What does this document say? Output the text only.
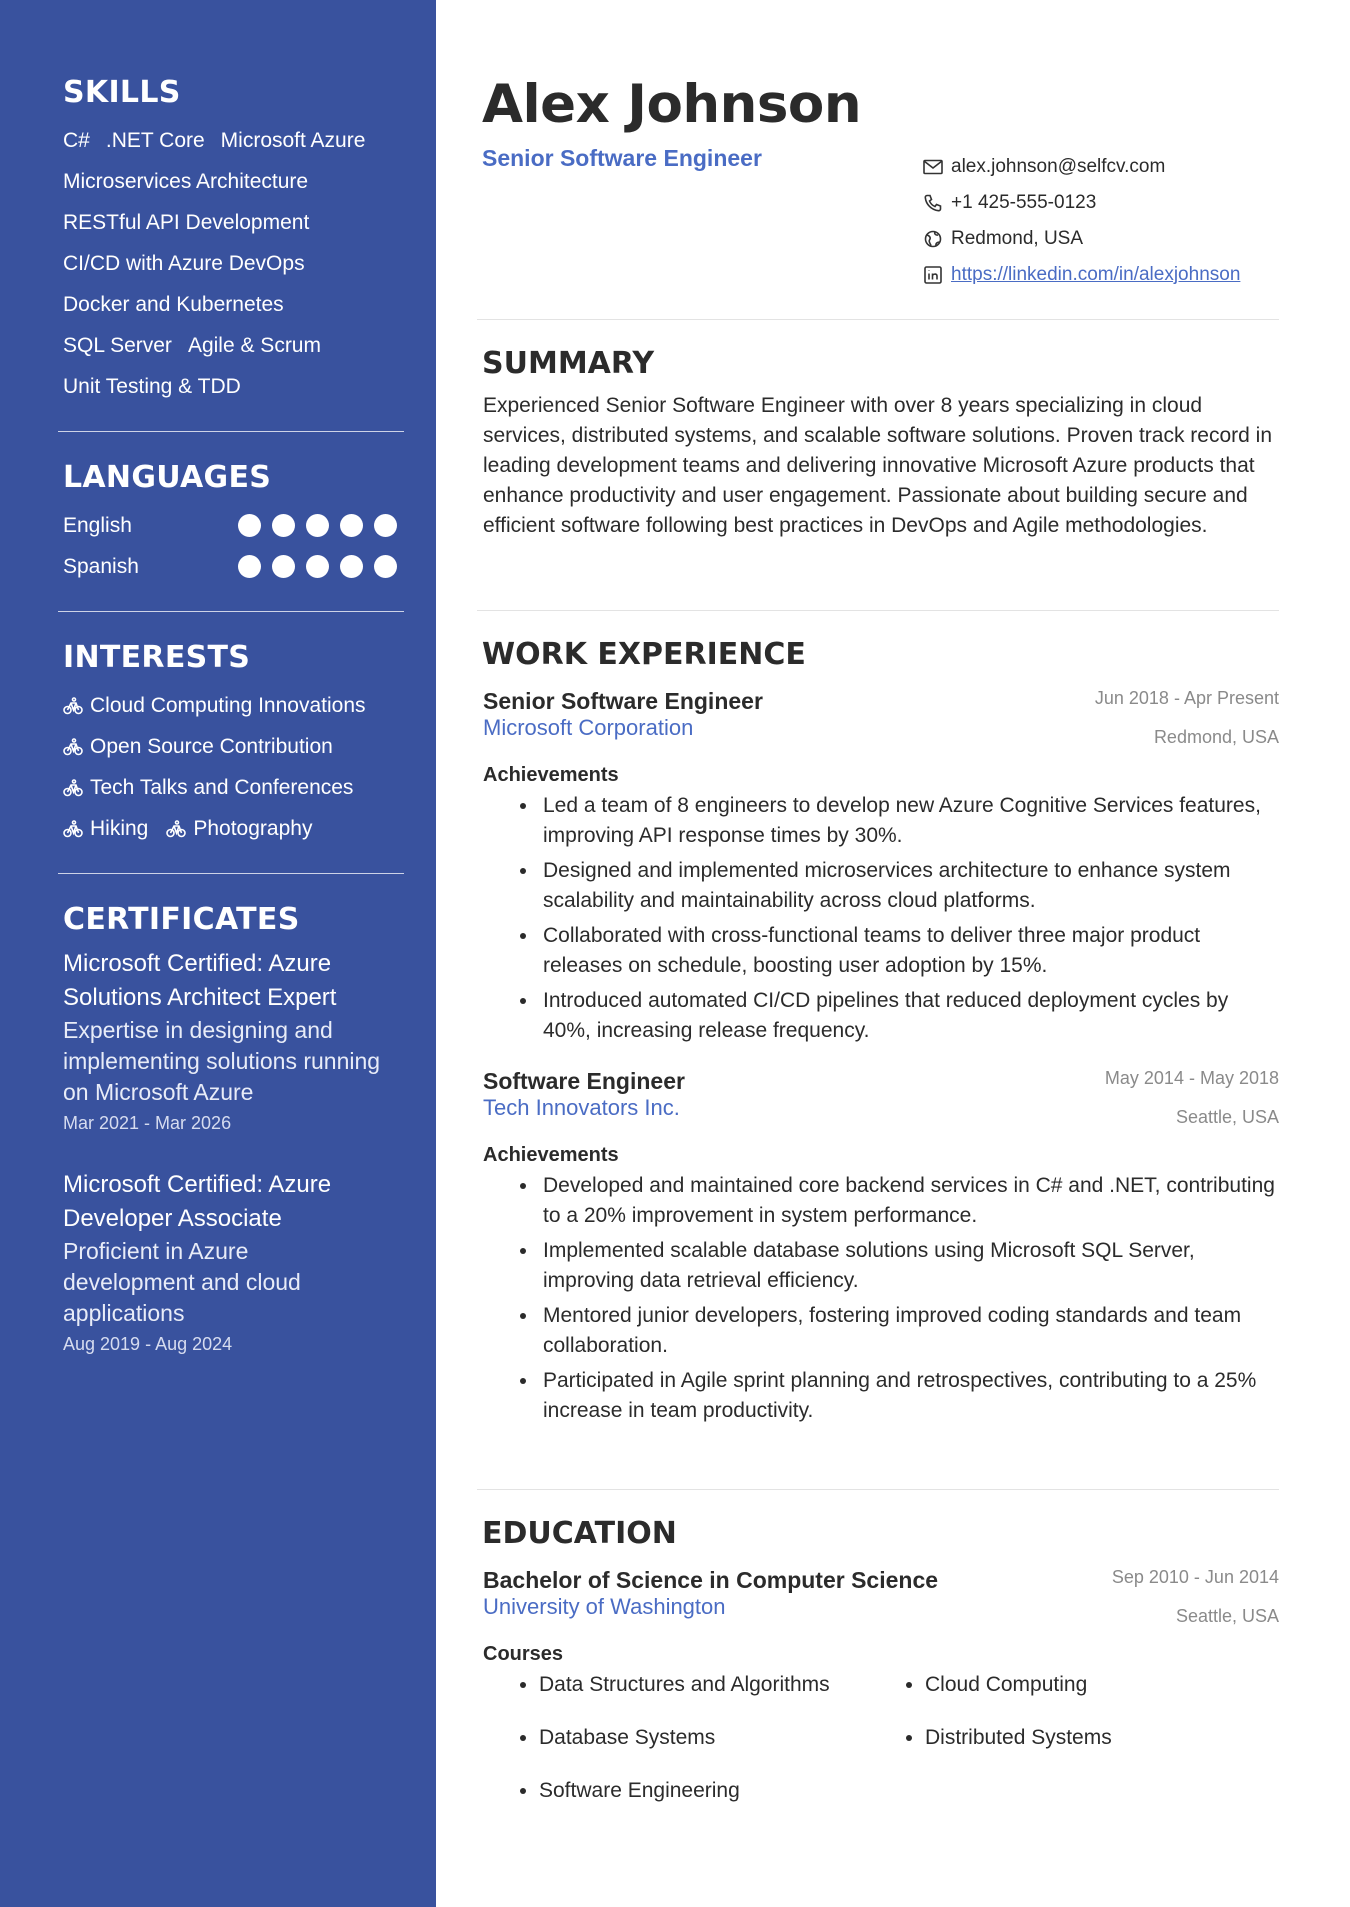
SKILLS
C# .NET Core Microsoft Azure
Microservices Architecture
RESTful API Development
CI/CD with Azure DevOps
Docker and Kubernetes
SQL Server Agile & Scrum
Unit Testing & TDD
LANGUAGES
English
Spanish
INTERESTS
Cloud Computing Innovations
Open Source Contribution
Tech Talks and Conferences
Hiking Photography
CERTIFICATES
Microsoft Certified: Azure Solutions Architect Expert
Expertise in designing and implementing solutions running on Microsoft Azure
Mar 2021 - Mar 2026
Microsoft Certified: Azure Developer Associate
Proficient in Azure development and cloud applications
Aug 2019 - Aug 2024
Alex Johnson
Senior Software Engineer	alex.johnson@selfcv.com
+1 425-555-0123
Redmond, USA
https://linkedin.com/in/alexjohnson
SUMMARY

Experienced Senior Software Engineer with over 8 years specializing in cloud services, distributed systems, and scalable software solutions. Proven track record in leading development teams and delivering innovative Microsoft Azure products that enhance productivity and user engagement. Passionate about building secure and efficient software following best practices in DevOps and Agile methodologies.

WORK EXPERIENCE
Senior Software Engineer	Jun 2018 - Apr Present
Microsoft Corporation	Redmond, USA
Achievements
• Led a team of 8 engineers to develop new Azure Cognitive Services features, improving API response times by 30%.
• Designed and implemented microservices architecture to enhance system scalability and maintainability across cloud platforms.
• Collaborated with cross-functional teams to deliver three major product releases on schedule, boosting user adoption by 15%.
• Introduced automated CI/CD pipelines that reduced deployment cycles by 40%, increasing release frequency.
Software Engineer	May 2014 - May 2018
Tech Innovators Inc.	Seattle, USA
Achievements
• Developed and maintained core backend services in C# and .NET, contributing to a 20% improvement in system performance.
• Implemented scalable database solutions using Microsoft SQL Server, improving data retrieval efficiency.
• Mentored junior developers, fostering improved coding standards and team collaboration.
• Participated in Agile sprint planning and retrospectives, contributing to a 25% increase in team productivity.
EDUCATION
Bachelor of Science in Computer Science	Sep 2010 - Jun 2014
University of Washington	Seattle, USA
Courses
• Data Structures and Algorithms	• Cloud Computing
• Database Systems	• Distributed Systems
• Software Engineering
